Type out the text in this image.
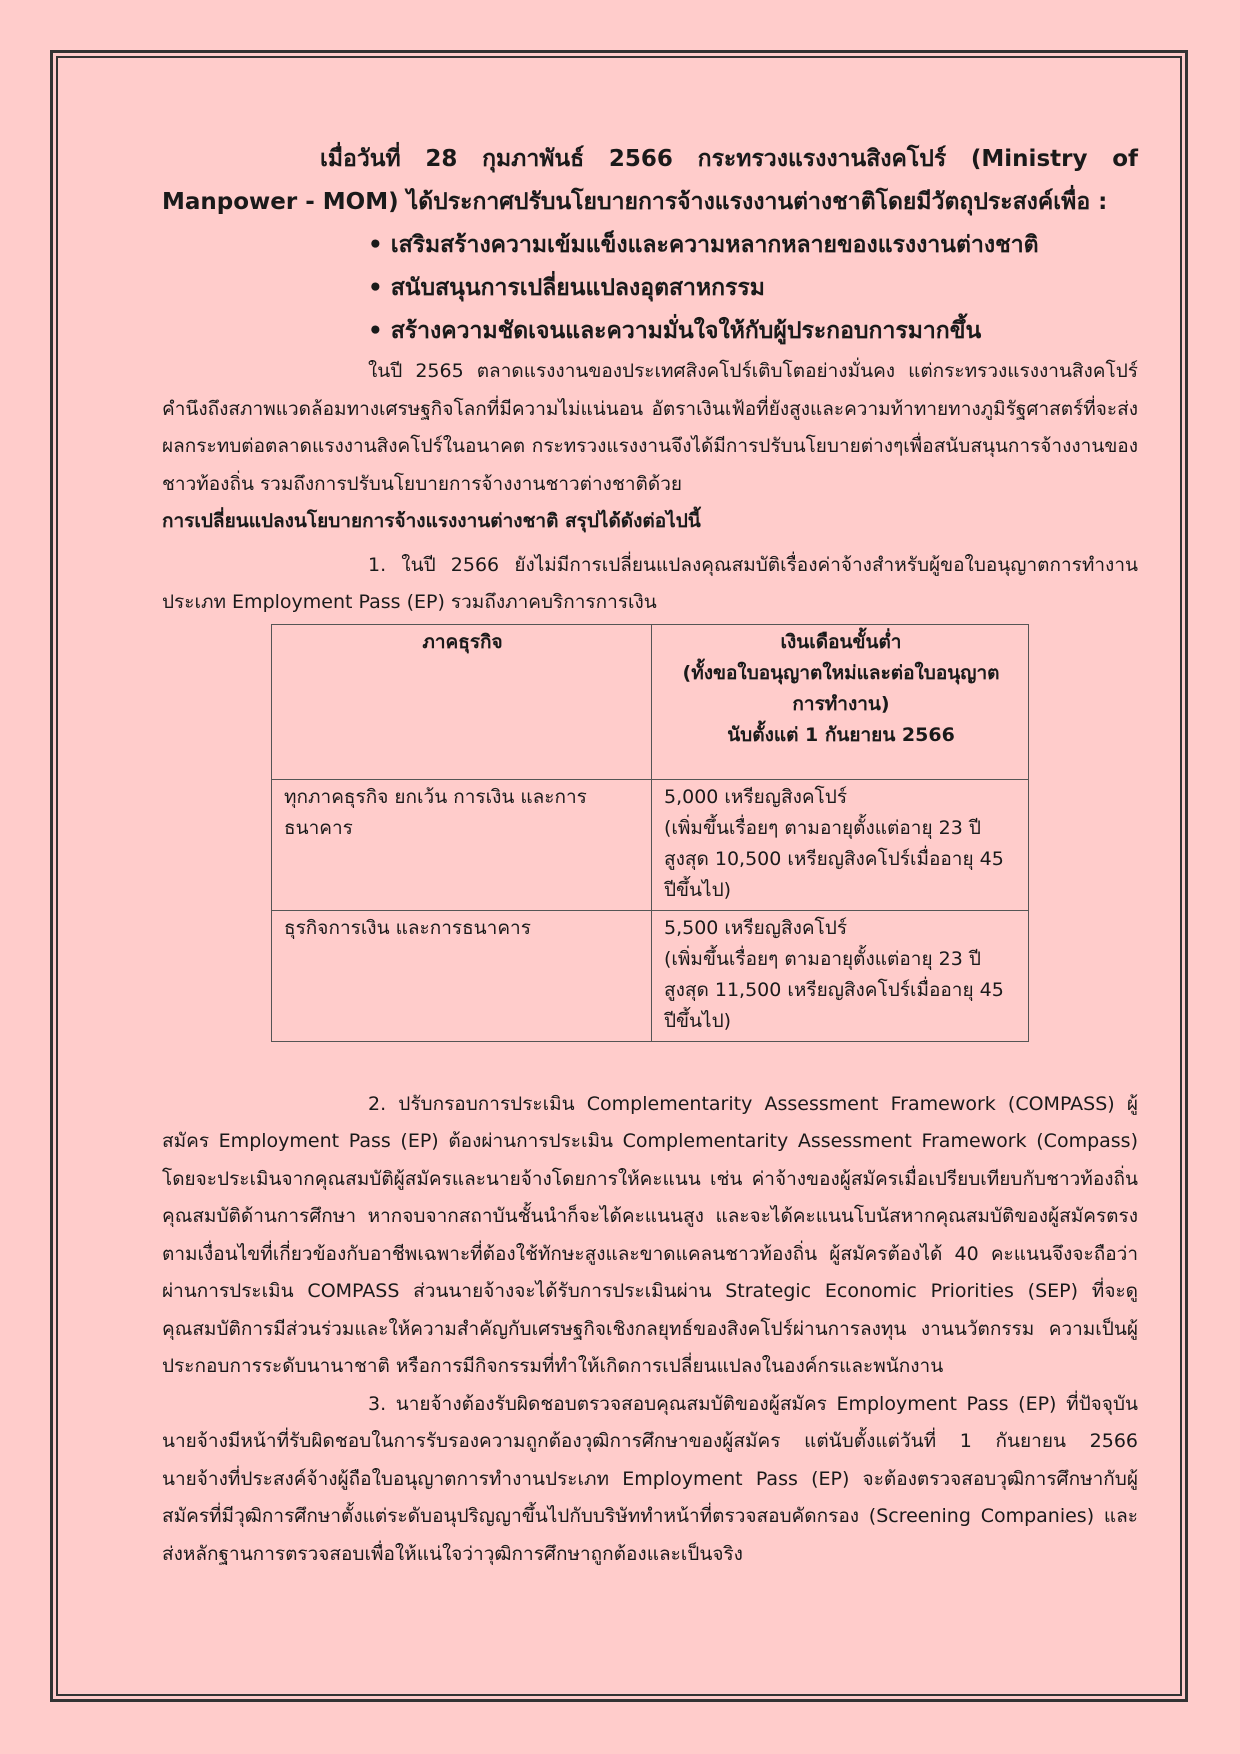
เมื่อวันที่ 28 กุมภาพันธ์ 2566 กระทรวงแรงงานสิงคโปร์ (Ministry of Manpower - MOM) ได้ประกาศปรับนโยบายการจ้างแรงงานต่างชาติโดยมีวัตถุประสงค์เพื่อ :

• เสริมสร้างความเข้มแข็งและความหลากหลายของแรงงานต่างชาติ
• สนับสนุนการเปลี่ยนแปลงอุตสาหกรรม
• สร้างความชัดเจนและความมั่นใจให้กับผู้ประกอบการมากขึ้น

ในปี 2565 ตลาดแรงงานของประเทศสิงคโปร์เติบโตอย่างมั่นคง แต่กระทรวงแรงงานสิงคโปร์คำนึงถึงสภาพแวดล้อมทางเศรษฐกิจโลกที่มีความไม่แน่นอน อัตราเงินเฟ้อที่ยังสูงและความท้าทายทางภูมิรัฐศาสตร์ที่จะส่งผลกระทบต่อตลาดแรงงานสิงคโปร์ในอนาคต กระทรวงแรงงานจึงได้มีการปรับนโยบายต่างๆเพื่อสนับสนุนการจ้างงานของชาวท้องถิ่น รวมถึงการปรับนโยบายการจ้างงานชาวต่างชาติด้วย

การเปลี่ยนแปลงนโยบายการจ้างแรงงานต่างชาติ สรุปได้ดังต่อไปนี้

1. ในปี 2566 ยังไม่มีการเปลี่ยนแปลงคุณสมบัติเรื่องค่าจ้างสำหรับผู้ขอใบอนุญาตการทำงานประเภท Employment Pass (EP) รวมถึงภาคบริการการเงิน

ภาคธุรกิจ	เงินเดือนขั้นต่ำ
(ทั้งขอใบอนุญาตใหม่และต่อใบอนุญาต
การทำงาน)
นับตั้งแต่ 1 กันยายน 2566

ทุกภาคธุรกิจ ยกเว้น การเงิน และการธนาคาร	5,000 เหรียญสิงคโปร์
(เพิ่มขึ้นเรื่อยๆ ตามอายุตั้งแต่อายุ 23 ปี สูงสุด 10,500 เหรียญสิงคโปร์เมื่ออายุ 45 ปีขึ้นไป)

ธุรกิจการเงิน และการธนาคาร	5,500 เหรียญสิงคโปร์
(เพิ่มขึ้นเรื่อยๆ ตามอายุตั้งแต่อายุ 23 ปี สูงสุด 11,500 เหรียญสิงคโปร์เมื่ออายุ 45 ปีขึ้นไป)

2. ปรับกรอบการประเมิน Complementarity Assessment Framework (COMPASS) ผู้สมัคร Employment Pass (EP) ต้องผ่านการประเมิน Complementarity Assessment Framework (Compass) โดยจะประเมินจากคุณสมบัติผู้สมัครและนายจ้างโดยการให้คะแนน เช่น ค่าจ้างของผู้สมัครเมื่อเปรียบเทียบกับชาวท้องถิ่น คุณสมบัติด้านการศึกษา หากจบจากสถาบันชั้นนำก็จะได้คะแนนสูง และจะได้คะแนนโบนัสหากคุณสมบัติของผู้สมัครตรงตามเงื่อนไขที่เกี่ยวข้องกับอาชีพเฉพาะที่ต้องใช้ทักษะสูงและขาดแคลนชาวท้องถิ่น ผู้สมัครต้องได้ 40 คะแนนจึงจะถือว่าผ่านการประเมิน COMPASS ส่วนนายจ้างจะได้รับการประเมินผ่าน Strategic Economic Priorities (SEP) ที่จะดูคุณสมบัติการมีส่วนร่วมและให้ความสำคัญกับเศรษฐกิจเชิงกลยุทธ์ของสิงคโปร์ผ่านการลงทุน งานนวัตกรรม ความเป็นผู้ประกอบการระดับนานาชาติ หรือการมีกิจกรรมที่ทำให้เกิดการเปลี่ยนแปลงในองค์กรและพนักงาน

3. นายจ้างต้องรับผิดชอบตรวจสอบคุณสมบัติของผู้สมัคร Employment Pass (EP) ที่ปัจจุบันนายจ้างมีหน้าที่รับผิดชอบในการรับรองความถูกต้องวุฒิการศึกษาของผู้สมัคร แต่นับตั้งแต่วันที่ 1 กันยายน 2566 นายจ้างที่ประสงค์จ้างผู้ถือใบอนุญาตการทำงานประเภท Employment Pass (EP) จะต้องตรวจสอบวุฒิการศึกษากับผู้สมัครที่มีวุฒิการศึกษาตั้งแต่ระดับอนุปริญญาขึ้นไปกับบริษัททำหน้าที่ตรวจสอบคัดกรอง (Screening Companies) และส่งหลักฐานการตรวจสอบเพื่อให้แน่ใจว่าวุฒิการศึกษาถูกต้องและเป็นจริง
